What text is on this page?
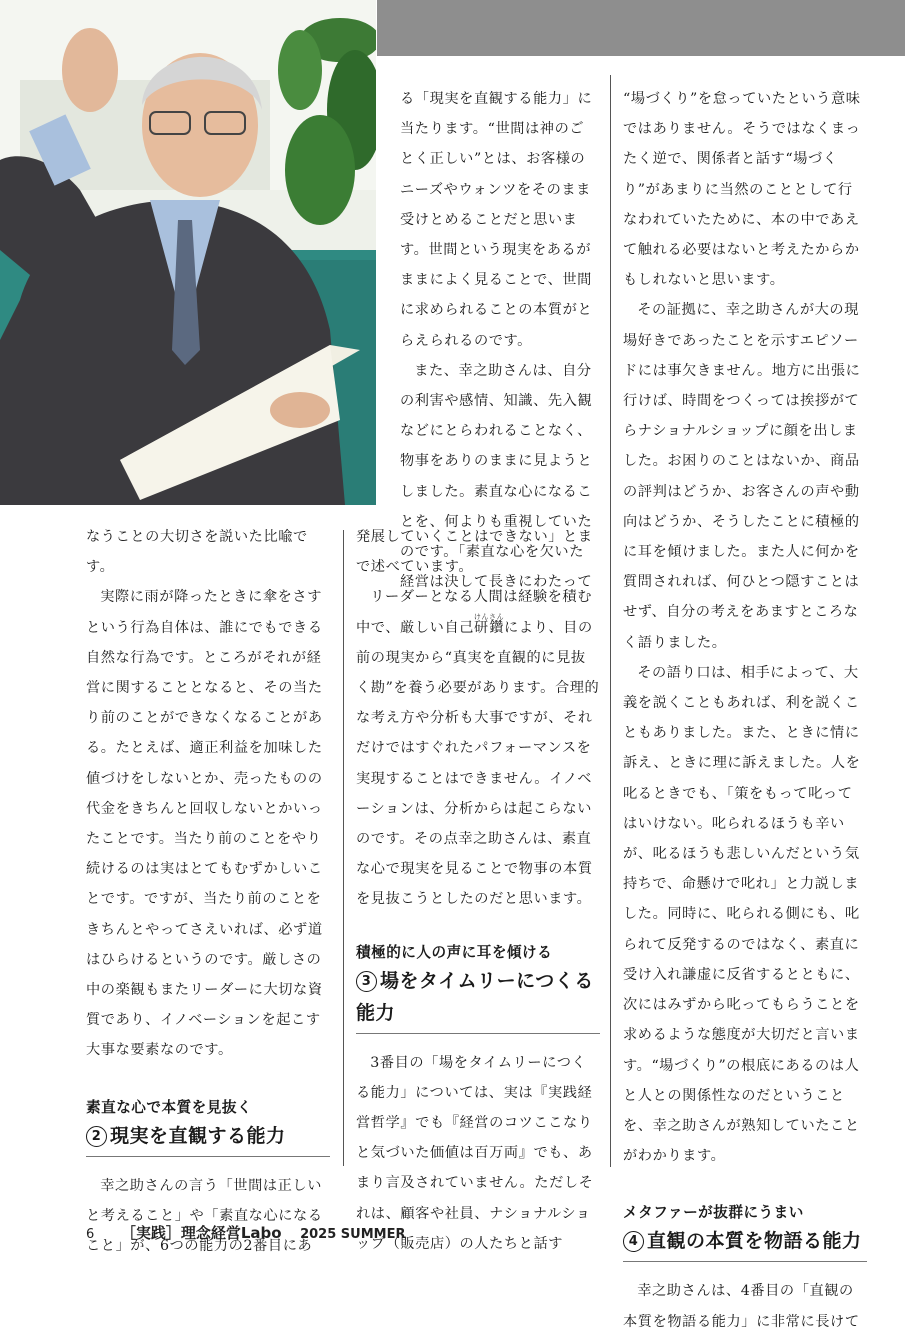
る「現実を直観する能力」に当たります。“世間は神のごとく正しい”とは、お客様のニーズやウォンツをそのまま受けとめることだと思います。世間という現実をあるがままによく見ることで、世間に求められることの本質がとらえられるのです。

また、幸之助さんは、自分の利害や感情、知識、先入観などにとらわれることなく、物事をありのままに見ようとしました。素直な心になることを、何よりも重視していたのです。「素直な心を欠いた経営は決して長きにわたって

なうことの大切さを説いた比喩です。

実際に雨が降ったときに傘をさすという行為自体は、誰にでもできる自然な行為です。ところがそれが経営に関することとなると、その当たり前のことができなくなることがある。たとえば、適正利益を加味した値づけをしないとか、売ったものの代金をきちんと回収しないとかいったことです。当たり前のことをやり続けるのは実はとてもむずかしいことです。ですが、当たり前のことをきちんとやってさえいれば、必ず道はひらけるというのです。厳しさの中の楽観もまたリーダーに大切な資質であり、イノベーションを起こす大事な要素なのです。

素直な心で本質を見抜く
2 現実を直観する能力

幸之助さんの言う「世間は正しいと考えること」や「素直な心になること」が、6つの能力の2番目にあ

発展していくことはできない」とまで述べています。

リーダーとなる人間は経験を積む中で、厳しい自己研鑽けんさんにより、目の前の現実から“真実を直観的に見抜く勘”を養う必要があります。合理的な考え方や分析も大事ですが、それだけではすぐれたパフォーマンスを実現することはできません。イノベーションは、分析からは起こらないのです。その点幸之助さんは、素直な心で現実を見ることで物事の本質を見抜こうとしたのだと思います。

積極的に人の声に耳を傾ける
3 場をタイムリーにつくる能力

3番目の「場をタイムリーにつくる能力」については、実は『実践経営哲学』でも『経営のコツここなりと気づいた価値は百万両』でも、あまり言及されていません。ただしそれは、顧客や社員、ナショナルショップ（販売店）の人たちと話す

“場づくり”を怠っていたという意味ではありません。そうではなくまったく逆で、関係者と話す“場づくり”があまりに当然のこととして行なわれていたために、本の中であえて触れる必要はないと考えたからかもしれないと思います。

その証拠に、幸之助さんが大の現場好きであったことを示すエピソードには事欠きません。地方に出張に行けば、時間をつくっては挨拶がてらナショナルショップに顔を出しました。お困りのことはないか、商品の評判はどうか、お客さんの声や動向はどうか、そうしたことに積極的に耳を傾けました。また人に何かを質問されれば、何ひとつ隠すことはせず、自分の考えをあますところなく語りました。

その語り口は、相手によって、大義を説くこともあれば、利を説くこともありました。また、ときに情に訴え、ときに理に訴えました。人を叱るときでも、「策をもって叱ってはいけない。叱られるほうも辛いが、叱るほうも悲しいんだという気持ちで、命懸けで叱れ」と力説しました。同時に、叱られる側にも、叱られて反発するのではなく、素直に受け入れ謙虚に反省するとともに、次にはみずから叱ってもらうことを求めるような態度が大切だと言います。“場づくり”の根底にあるのは人と人との関係性なのだということを、幸之助さんが熟知していたことがわかります。

メタファーが抜群にうまい
4 直観の本質を物語る能力

幸之助さんは、4番目の「直観の本質を物語る能力」に非常に長けて

6 ［実践］理念経営Labo 2025 SUMMER
